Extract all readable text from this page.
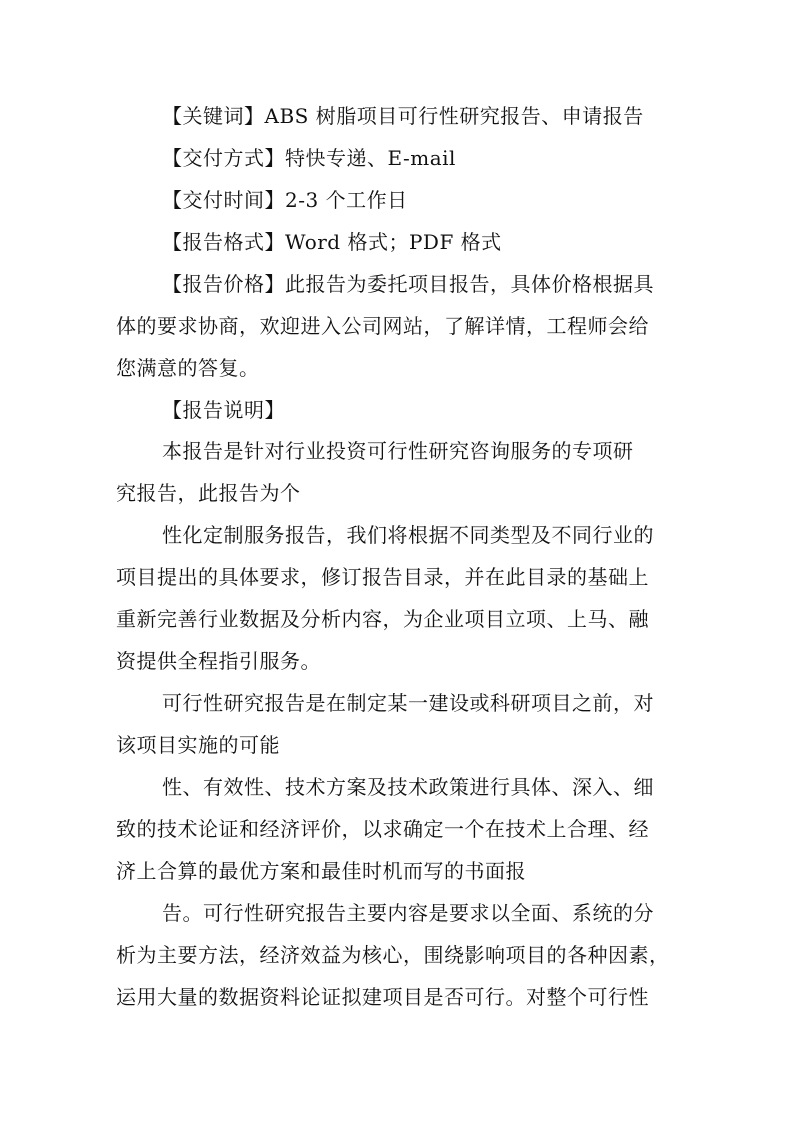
【关键词】ABS 树脂项目可行性研究报告、申请报告
【交付方式】特快专递、E-mail
【交付时间】2-3 个工作日
【报告格式】Word 格式；PDF 格式
【报告价格】此报告为委托项目报告，具体价格根据具
体的要求协商，欢迎进入公司网站，了解详情，工程师会给
您满意的答复。
【报告说明】
本报告是针对行业投资可行性研究咨询服务的专项研
究报告，此报告为个
性化定制服务报告，我们将根据不同类型及不同行业的
项目提出的具体要求，修订报告目录，并在此目录的基础上
重新完善行业数据及分析内容，为企业项目立项、上马、融
资提供全程指引服务。
可行性研究报告是在制定某一建设或科研项目之前，对
该项目实施的可能
性、有效性、技术方案及技术政策进行具体、深入、细
致的技术论证和经济评价，以求确定一个在技术上合理、经
济上合算的最优方案和最佳时机而写的书面报
告。可行性研究报告主要内容是要求以全面、系统的分
析为主要方法，经济效益为核心，围绕影响项目的各种因素，
运用大量的数据资料论证拟建项目是否可行。对整个可行性
